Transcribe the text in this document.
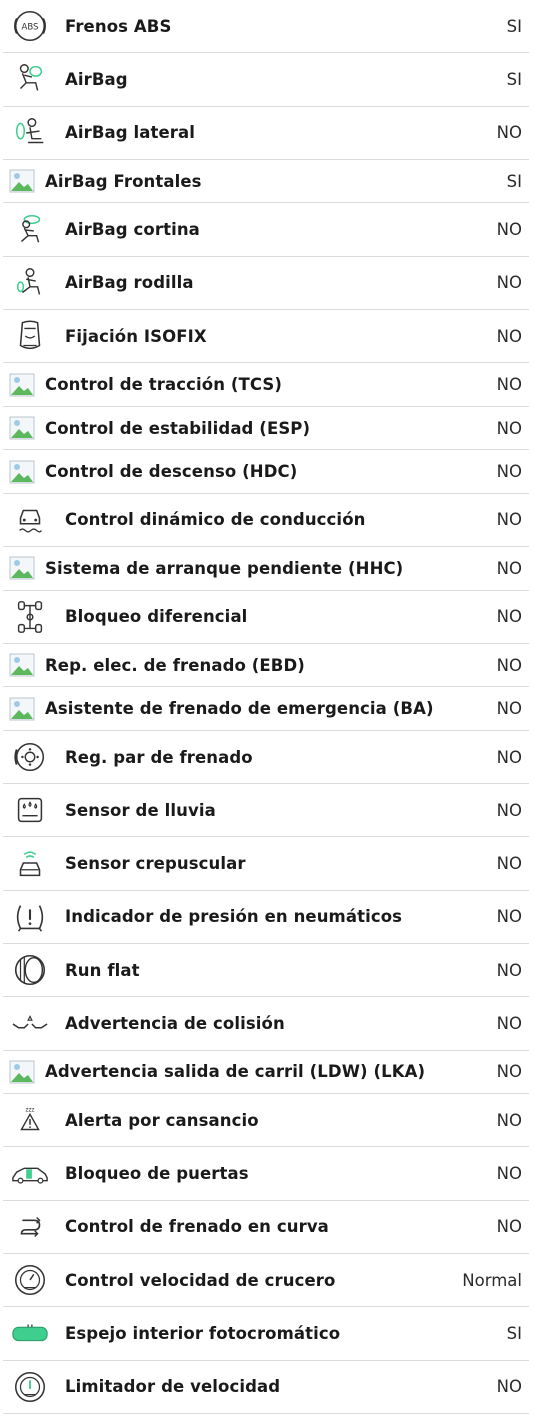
ABS Frenos ABS	SI
AirBag	SI
AirBag lateral	NO
AirBag Frontales	SI
AirBag cortina	NO
AirBag rodilla	NO
Fijación ISOFIX	NO
Control de tracción (TCS)	NO
Control de estabilidad (ESP)	NO
Control de descenso (HDC)	NO
Control dinámico de conducción	NO
Sistema de arranque pendiente (HHC)	NO
Bloqueo diferencial	NO
Rep. elec. de frenado (EBD)	NO
Asistente de frenado de emergencia (BA)	NO
Reg. par de frenado	NO
Sensor de lluvia	NO
Sensor crepuscular	NO
Indicador de presión en neumáticos	NO
Run flat	NO
Advertencia de colisión	NO
Advertencia salida de carril (LDW) (LKA)	NO
zzz
Alerta por cansancio	NO
Bloqueo de puertas	NO
Control de frenado en curva	NO
Control velocidad de crucero	Normal
Espejo interior fotocromático	SI
Limitador de velocidad	NO
